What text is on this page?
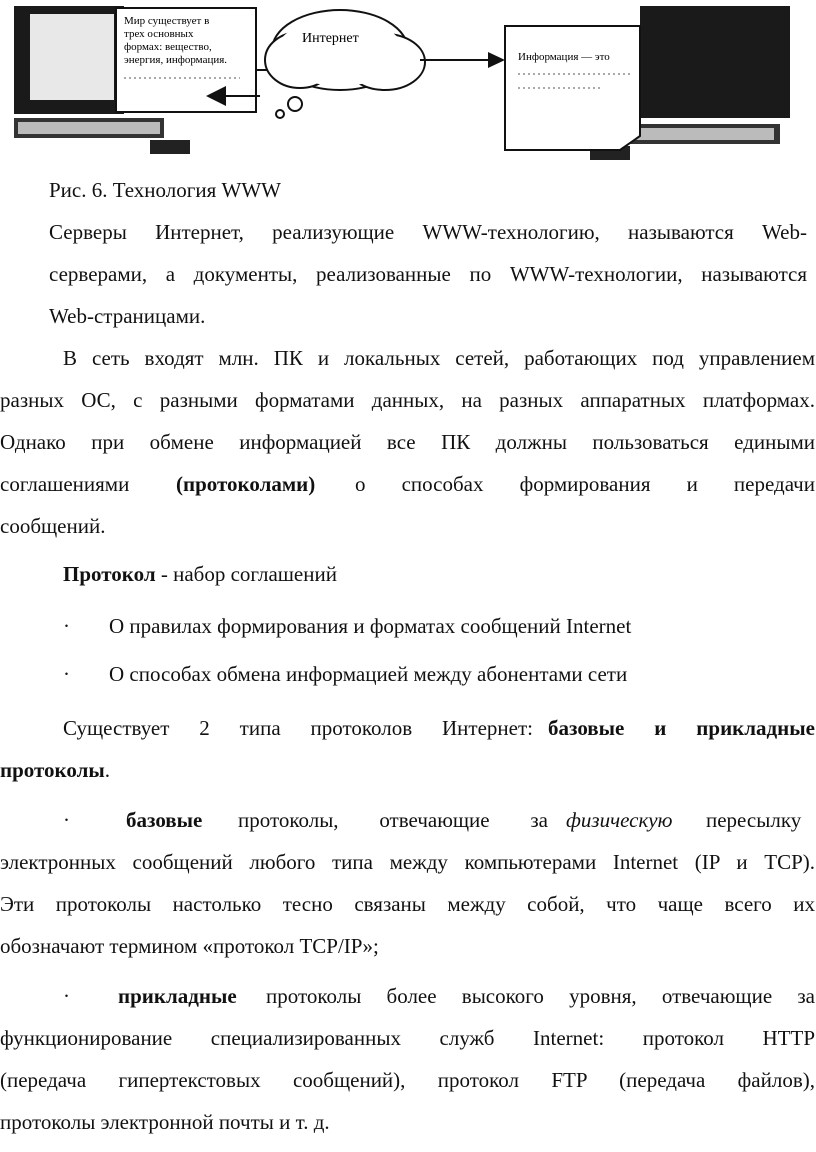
Мир существует в
трех основных
формах: вещество,
энергия, информация.
Интернет
Информация — это
Рис. 6. Технология WWW
Серверы Интернет, реализующие WWW-технологию, называются Web-
серверами, а документы, реализованные по WWW-технологии, называются
Web-страницами.
В сеть входят млн. ПК и локальных сетей, работающих под управлением
разных ОС, с разными форматами данных, на разных аппаратных платформах.
Однако при обмене информацией все ПК должны пользоваться едиными
соглашениями (протоколами) о способах формирования и передачи
сообщений.
Протокол - набор соглашений
· О правилах формирования и форматах сообщений Internet
· О способах обмена информацией между абонентами сети
Существует 2 типа протоколов Интернет: базовые и прикладные
протоколы.
·	базовые протоколы, отвечающие за физическую пересылку
электронных сообщений любого типа между компьютерами Internet (IP и TCP).
Эти протоколы настолько тесно связаны между собой, что чаще всего их
обозначают термином «протокол TCP/IP»;
· прикладные протоколы более высокого уровня, отвечающие за
функционирование специализированных служб Internet: протокол HTTP
(передача гипертекстовых сообщений), протокол FTP (передача файлов),
протоколы электронной почты и т. д.
